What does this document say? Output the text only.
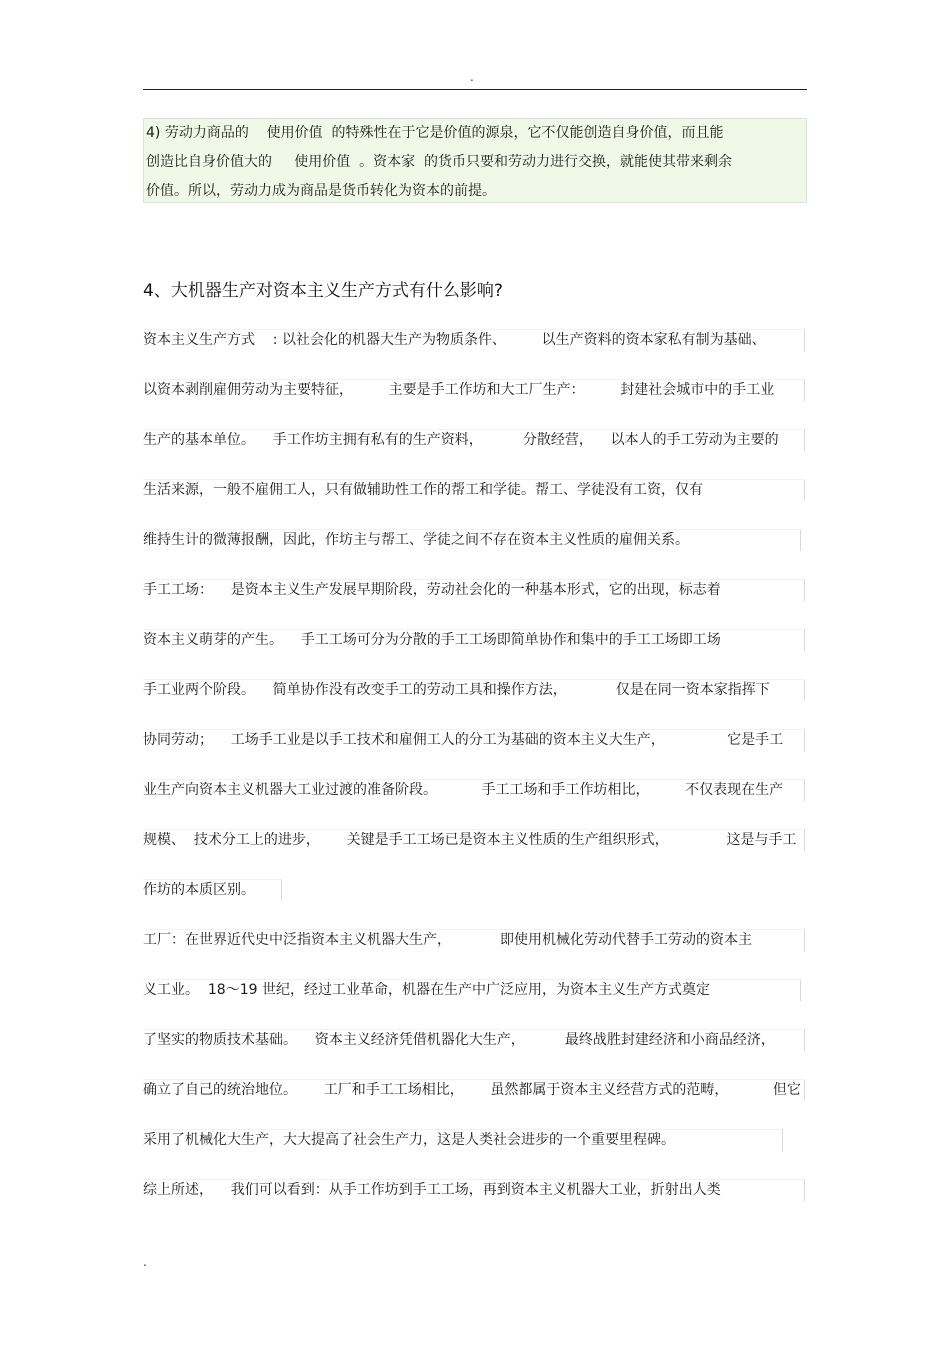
.
4) 劳动力商品的    使用价值  的特殊性在于它是价值的源泉，它不仅能创造自身价值，而且能
创造比自身价值大的     使用价值  。资本家  的货币只要和劳动力进行交换，就能使其带来剩余
价值。所以，劳动力成为商品是货币转化为资本的前提。
4、大机器生产对资本主义生产方式有什么影响?
资本主义生产方式    : 以社会化的机器大生产为物质条件、        以生产资料的资本家私有制为基础、
以资本剥削雇佣劳动为主要特征，        主要是手工作坊和大工厂生产：        封建社会城市中的手工业
生产的基本单位。    手工作坊主拥有私有的生产资料，         分散经营，    以本人的手工劳动为主要的
生活来源，一般不雇佣工人，只有做辅助性工作的帮工和学徒。帮工、学徒没有工资，仅有
维持生计的微薄报酬，因此，作坊主与帮工、学徒之间不存在资本主义性质的雇佣关系。
手工工场：    是资本主义生产发展早期阶段，劳动社会化的一种基本形式，它的出现，标志着
资本主义萌芽的产生。    手工工场可分为分散的手工工场即简单协作和集中的手工工场即工场
手工业两个阶段。    简单协作没有改变手工的劳动工具和操作方法，           仅是在同一资本家指挥下
协同劳动；    工场手工业是以手工技术和雇佣工人的分工为基础的资本主义大生产，              它是手工
业生产向资本主义机器大工业过渡的准备阶段。          手工工场和手工作坊相比，        不仅表现在生产
规模、  技术分工上的进步，      关键是手工工场已是资本主义性质的生产组织形式，             这是与手工
作坊的本质区别。
工厂：在世界近代史中泛指资本主义机器大生产，           即使用机械化劳动代替手工劳动的资本主
义工业。  18～19 世纪，经过工业革命，机器在生产中广泛应用，为资本主义生产方式奠定
了坚实的物质技术基础。    资本主义经济凭借机器化大生产，         最终战胜封建经济和小商品经济，
确立了自己的统治地位。      工厂和手工工场相比，      虽然都属于资本主义经营方式的范畴，          但它
采用了机械化大生产，大大提高了社会生产力，这是人类社会进步的一个重要里程碑。
综上所述，    我们可以看到：从手工作坊到手工工场，再到资本主义机器大工业，折射出人类
.
